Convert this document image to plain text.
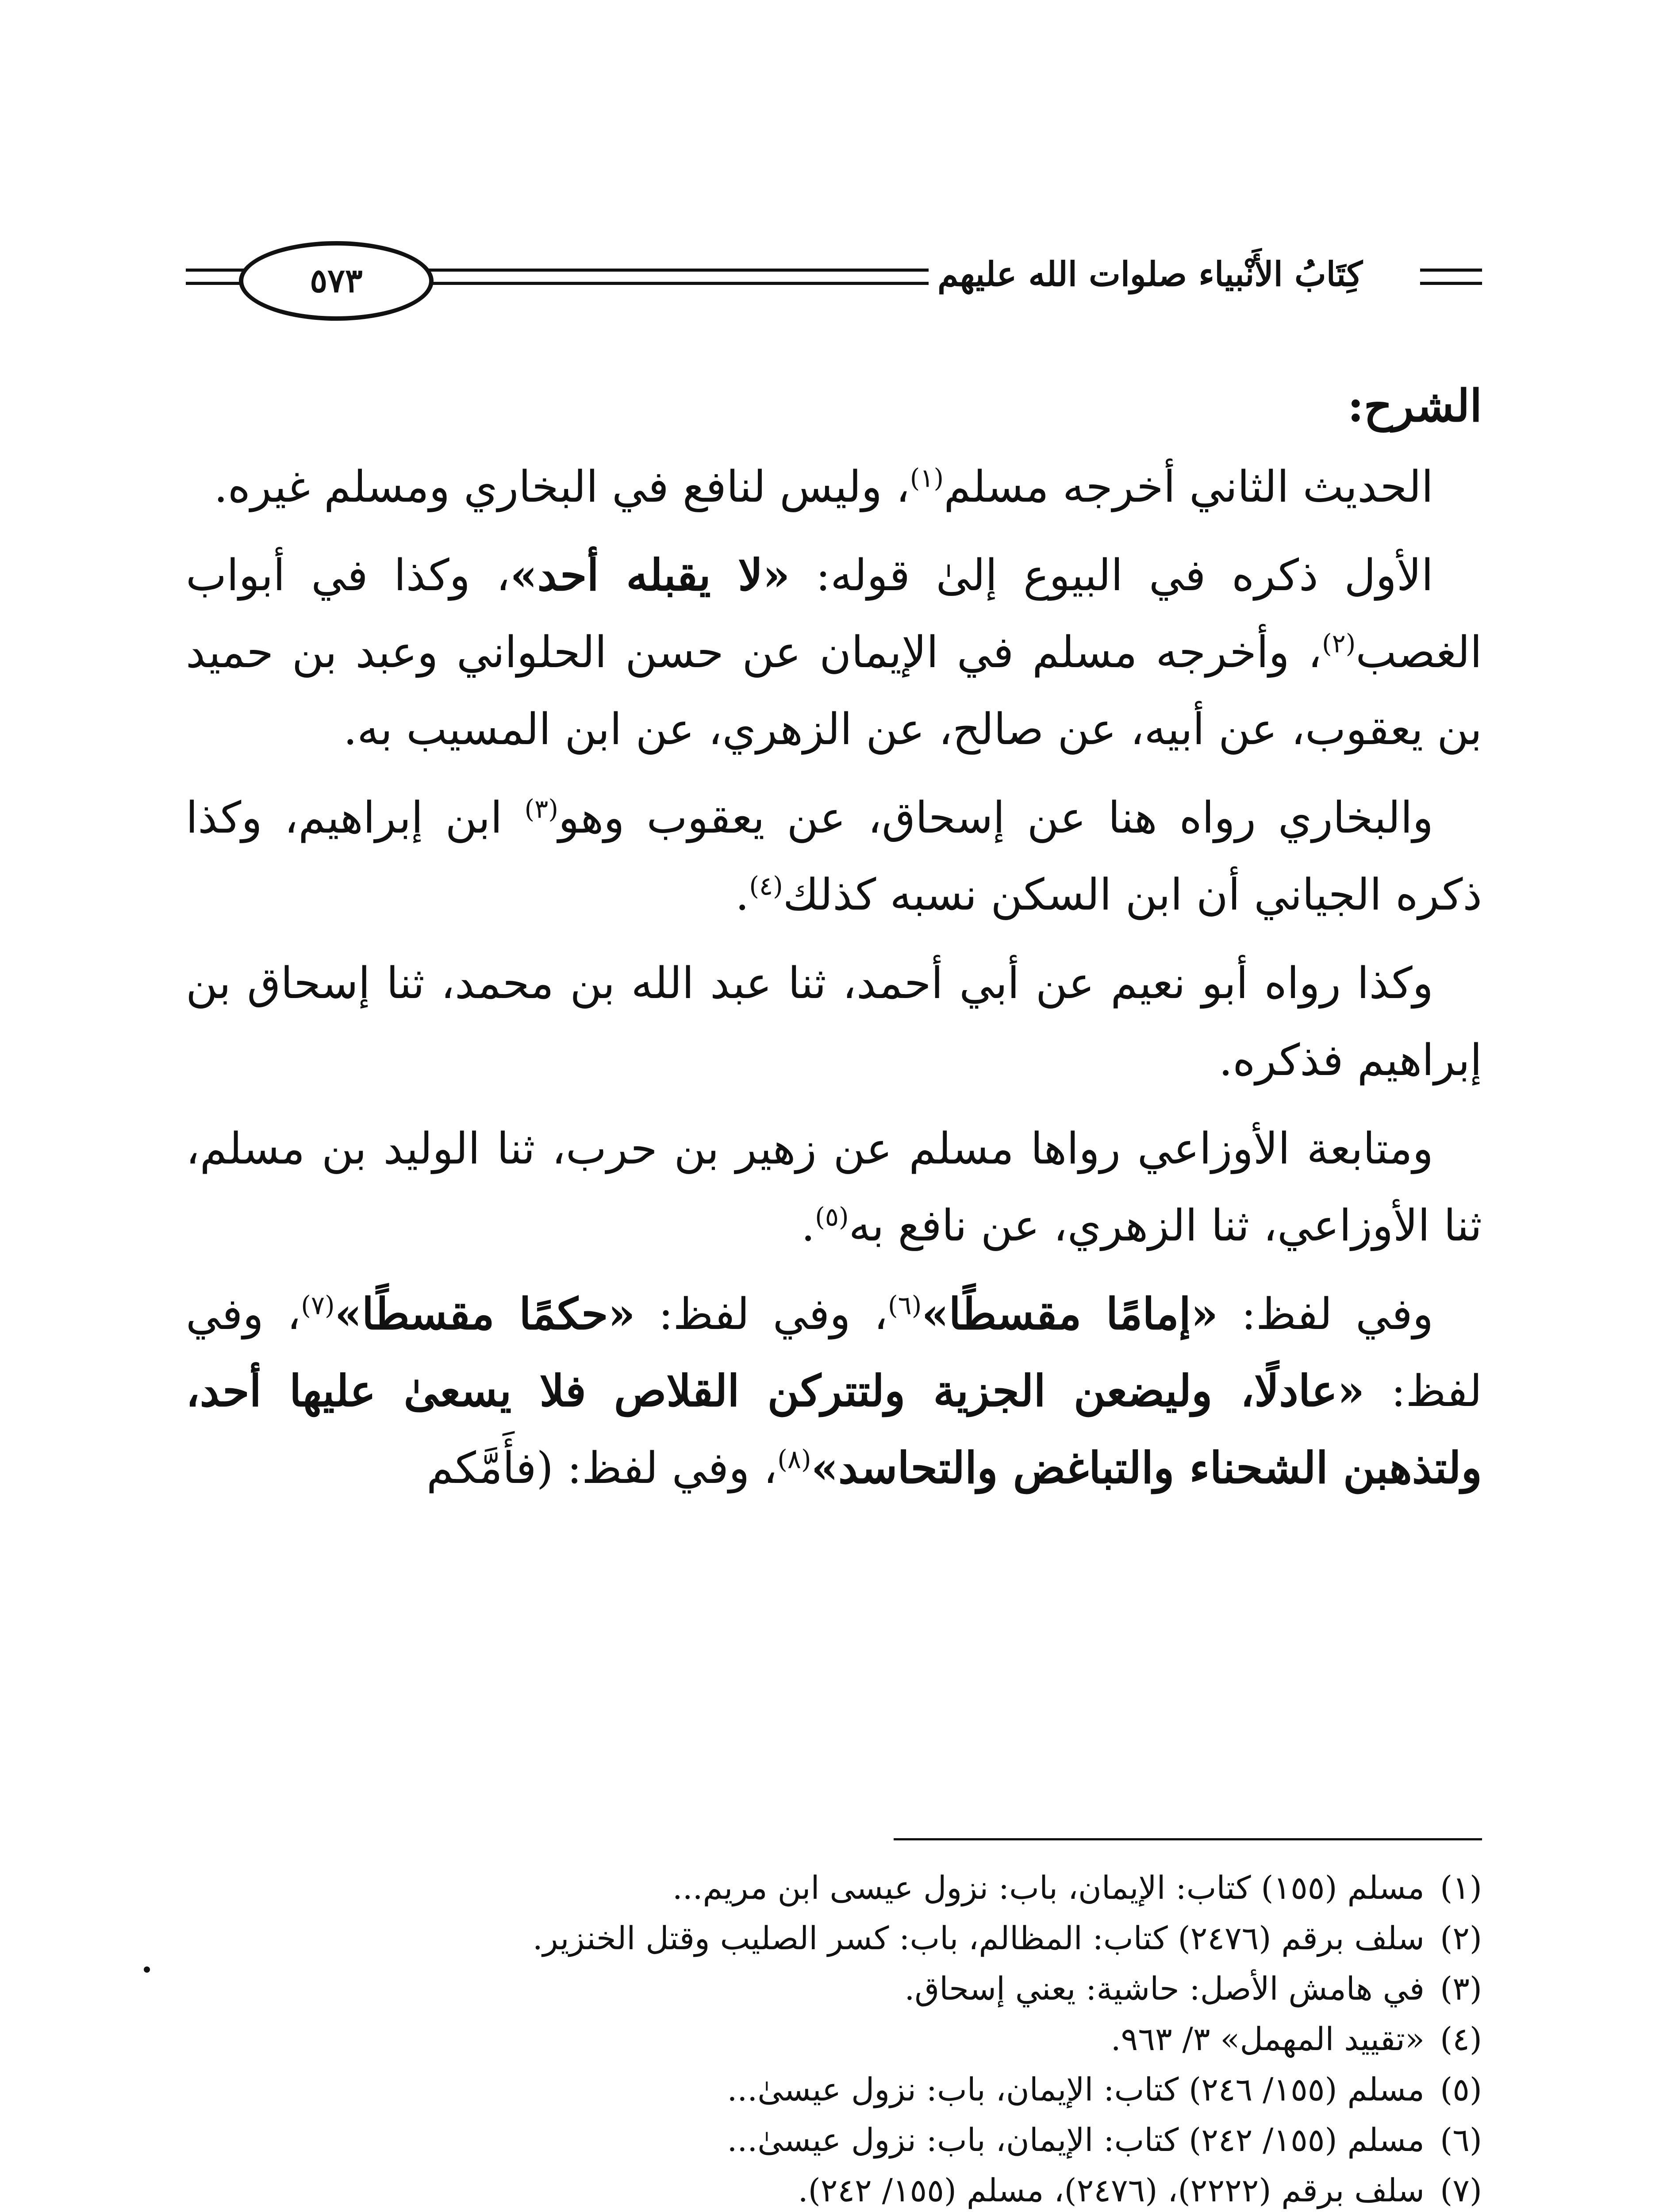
٥٧٣	كِتَابُ الأَنْبياء صلوات الله عليهم
الشرح:

الحديث الثاني أخرجه مسلم$^{(١)}$، وليس لنافع في البخاري ومسلم غيره.

الأول ذكره في البيوع إلىٰ قوله: «لا يقبله أحد»، وكذا في أبواب الغصب$^{(٢)}$، وأخرجه مسلم في الإيمان عن حسن الحلواني وعبد بن حميد بن يعقوب، عن أبيه، عن صالح، عن الزهري، عن ابن المسيب به.

والبخاري رواه هنا عن إسحاق، عن يعقوب وهو$^{(٣)}$ ابن إبراهيم، وكذا ذكره الجياني أن ابن السكن نسبه كذلك$^{(٤)}$.

وكذا رواه أبو نعيم عن أبي أحمد، ثنا عبد الله بن محمد، ثنا إسحاق بن إبراهيم فذكره.

ومتابعة الأوزاعي رواها مسلم عن زهير بن حرب، ثنا الوليد بن مسلم، ثنا الأوزاعي، ثنا الزهري، عن نافع به$^{(٥)}$.

وفي لفظ: «إمامًا مقسطًا»$^{(٦)}$، وفي لفظ: «حكمًا مقسطًا»$^{(٧)}$، وفي لفظ: «عادلًا، وليضعن الجزية ولتتركن القلاص فلا يسعىٰ عليها أحد، ولتذهبن الشحناء والتباغض والتحاسد»$^{(٨)}$، وفي لفظ: (فأَمَّكم

(١)
مسلم (١٥٥) كتاب: الإيمان، باب: نزول عيسى ابن مريم...
(٢)
سلف برقم (٢٤٧٦) كتاب: المظالم، باب: كسر الصليب وقتل الخنزير.
(٣)
في هامش الأصل: حاشية: يعني إسحاق.
(٤)
«تقييد المهمل» ٣/ ٩٦٣.
(٥)
مسلم (١٥٥/ ٢٤٦) كتاب: الإيمان، باب: نزول عيسىٰ...
(٦)
مسلم (١٥٥/ ٢٤٢) كتاب: الإيمان، باب: نزول عيسىٰ...
(٧)
سلف برقم (٢٢٢٢)، (٢٤٧٦)، مسلم (١٥٥/ ٢٤٢).
